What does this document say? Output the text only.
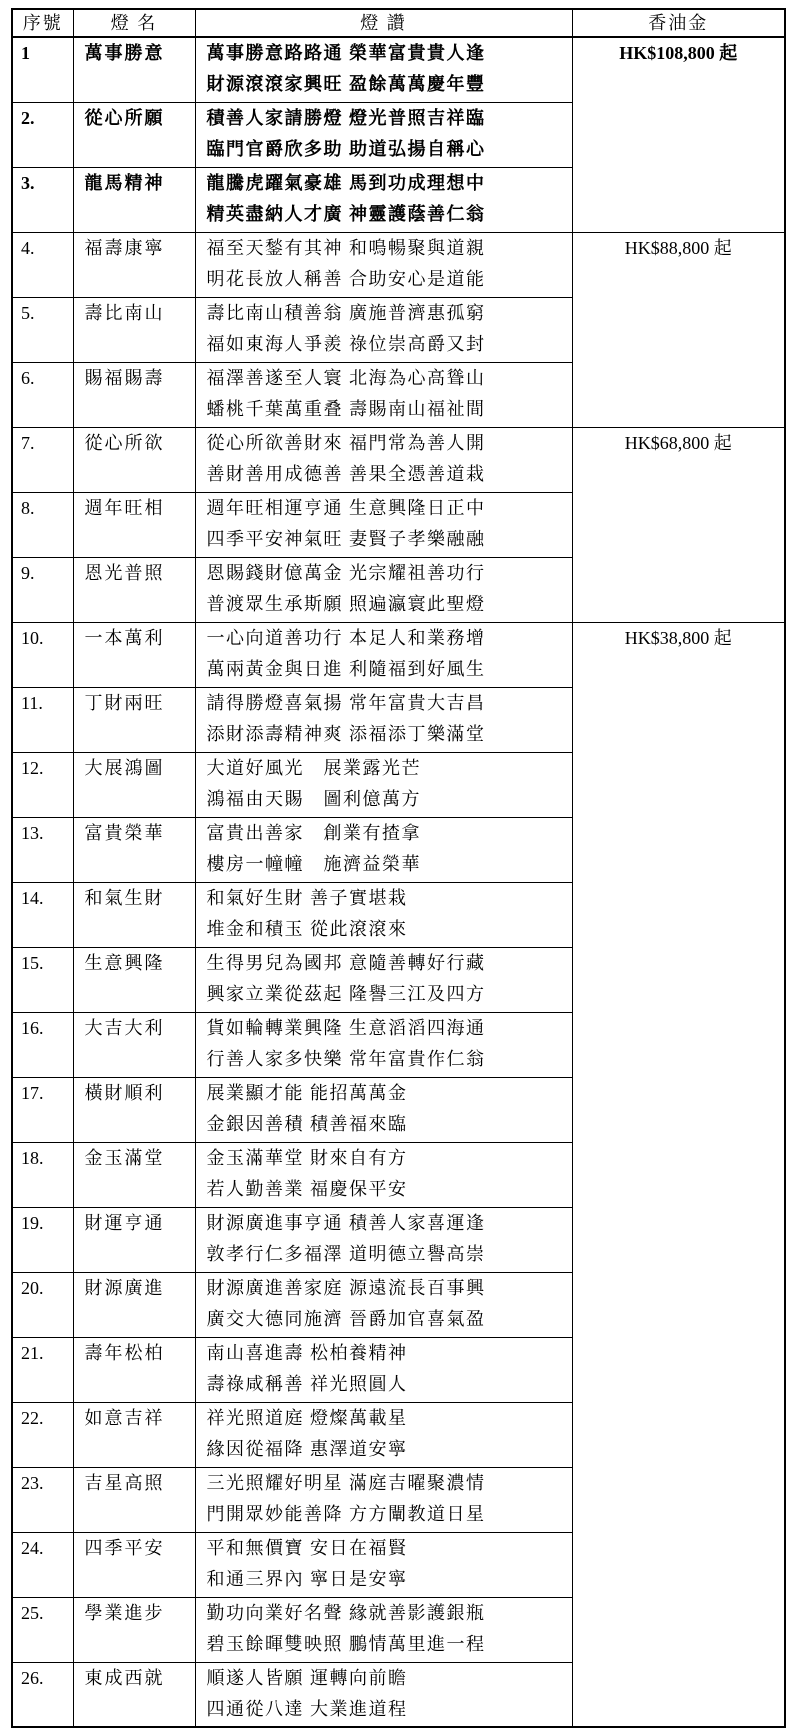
序號	燈 名	燈 讚	香油金
1	萬事勝意	萬事勝意路路通 榮華富貴貴人逢
財源滾滾家興旺 盈餘萬萬慶年豐	HK$108,800 起
2.	從心所願	積善人家請勝燈 燈光普照吉祥臨
臨門官爵欣多助 助道弘揚自稱心	

3.	龍馬精神	龍騰虎躍氣豪雄 馬到功成理想中
精英盡納人才廣 神靈護蔭善仁翁	

4.	福壽康寧	福至天鍫有其神 和鳴暢聚與道親
明花長放人稱善 合助安心是道能	HK$88,800 起
5.	壽比南山	壽比南山積善翁 廣施普濟惠孤窮
福如東海人爭羨 祿位崇高爵又封	

6.	賜福賜壽	福澤善遂至人寰 北海為心高聳山
蟠桃千葉萬重叠 壽賜南山福祉間	

7.	從心所欲	從心所欲善財來 福門常為善人開
善財善用成德善 善果全憑善道栽	HK$68,800 起
8.	週年旺相	週年旺相運亨通 生意興隆日正中
四季平安神氣旺 妻賢子孝樂融融	

9.	恩光普照	恩賜錢財億萬金 光宗耀祖善功行
普渡眾生承斯願 照遍瀛寰此聖燈	

10.	一本萬利	一心向道善功行 本足人和業務增
萬兩黃金與日進 利隨福到好風生	HK$38,800 起
11.	丁財兩旺	請得勝燈喜氣揚 常年富貴大吉昌
添財添壽精神爽 添福添丁樂滿堂	

12.	大展鴻圖	大道好風光　展業露光芒
鴻福由天賜　圖利億萬方	

13.	富貴榮華	富貴出善家　創業有揸拿
樓房一幢幢　施濟益榮華	

14.	和氣生財	和氣好生財 善子實堪栽
堆金和積玉 從此滾滾來	

15.	生意興隆	生得男兒為國邦 意隨善轉好行藏
興家立業從茲起 隆譽三江及四方	

16.	大吉大利	貨如輪轉業興隆 生意滔滔四海通
行善人家多快樂 常年富貴作仁翁	

17.	橫財順利	展業顯才能 能招萬萬金
金銀因善積 積善福來臨	

18.	金玉滿堂	金玉滿華堂 財來自有方
若人勤善業 福慶保平安	

19.	財運亨通	財源廣進事亨通 積善人家喜運逢
敦孝行仁多福澤 道明德立譽高崇	

20.	財源廣進	財源廣進善家庭 源遠流長百事興
廣交大德同施濟 晉爵加官喜氣盈	

21.	壽年松柏	南山喜進壽 松柏養精神
壽祿咸稱善 祥光照圓人	

22.	如意吉祥	祥光照道庭 燈燦萬載星
緣因從福降 惠澤道安寧	

23.	吉星高照	三光照耀好明星 滿庭吉曜聚濃情
門開眾妙能善降 方方闡教道日星	

24.	四季平安	平和無價寶 安日在福賢
和通三界內 寧日是安寧	

25.	學業進步	勤功向業好名聲 緣就善影護銀瓶
碧玉餘暉雙映照 鵬情萬里進一程	

26.	東成西就	順遂人皆願 運轉向前瞻
四通從八達 大業進道程	
